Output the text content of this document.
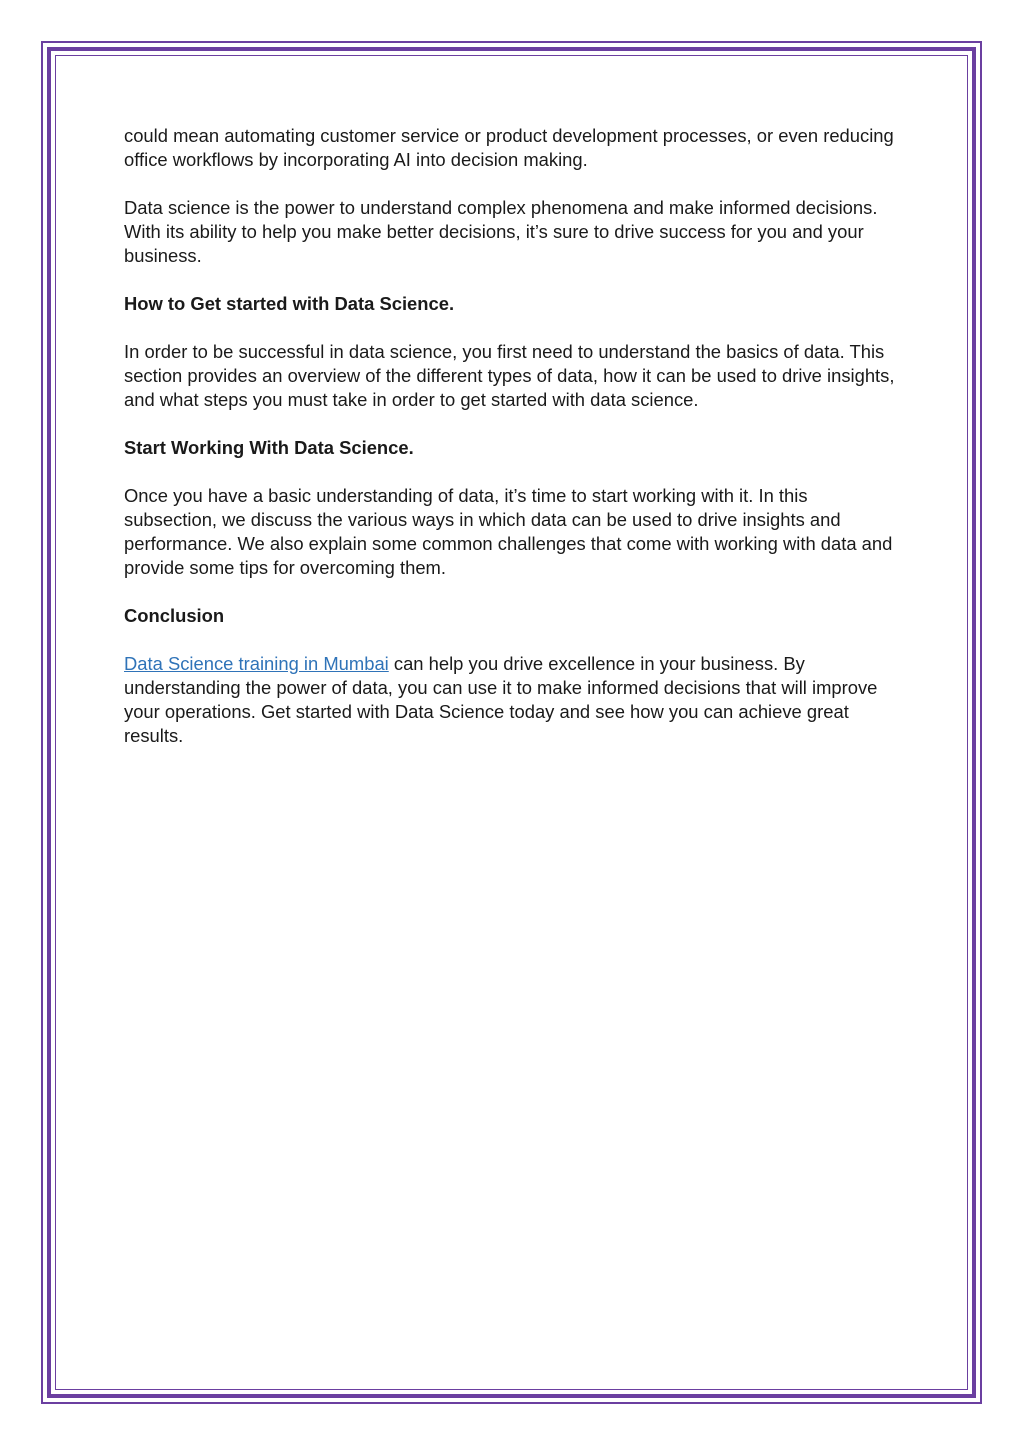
could mean automating customer service or product development processes, or even reducing office workflows by incorporating AI into decision making.

Data science is the power to understand complex phenomena and make informed decisions. With its ability to help you make better decisions, it’s sure to drive success for you and your business.

How to Get started with Data Science.

In order to be successful in data science, you first need to understand the basics of data. This section provides an overview of the different types of data, how it can be used to drive insights, and what steps you must take in order to get started with data science.

Start Working With Data Science.

Once you have a basic understanding of data, it’s time to start working with it. In this subsection, we discuss the various ways in which data can be used to drive insights and performance. We also explain some common challenges that come with working with data and provide some tips for overcoming them.

Conclusion

Data Science training in Mumbai can help you drive excellence in your business. By understanding the power of data, you can use it to make informed decisions that will improve your operations. Get started with Data Science today and see how you can achieve great results.
